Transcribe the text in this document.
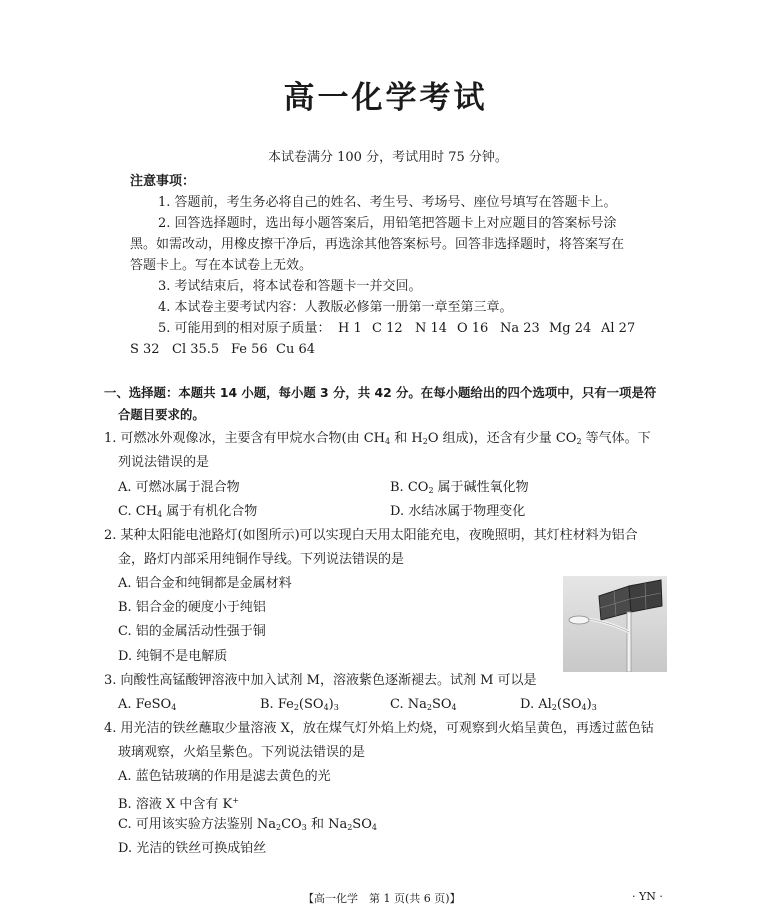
高一化学考试
本试卷满分 100 分，考试用时 75 分钟。
注意事项：
1. 答题前，考生务必将自己的姓名、考生号、考场号、座位号填写在答题卡上。
2. 回答选择题时，选出每小题答案后，用铅笔把答题卡上对应题目的答案标号涂
黑。如需改动，用橡皮擦干净后，再选涂其他答案标号。回答非选择题时，将答案写在
答题卡上。写在本试卷上无效。
3. 考试结束后，将本试卷和答题卡一并交回。
4. 本试卷主要考试内容：人教版必修第一册第一章至第三章。
5. 可能用到的相对原子质量： H 1 C 12 N 14 O 16 Na 23 Mg 24 Al 27
S 32 Cl 35.5 Fe 56 Cu 64
一、选择题：本题共 14 小题，每小题 3 分，共 42 分。在每小题给出的四个选项中，只有一项是符
合题目要求的。
1. 可燃冰外观像冰，主要含有甲烷水合物(由 $CH_4$ 和 $H_2O$ 组成)，还含有少量 $CO_2$ 等气体。下
列说法错误的是
A. 可燃冰属于混合物	B. $CO_2$ 属于碱性氧化物
C. $CH_4$ 属于有机化合物	D. 水结冰属于物理变化
2. 某种太阳能电池路灯(如图所示)可以实现白天用太阳能充电，夜晚照明，其灯柱材料为铝合
金，路灯内部采用纯铜作导线。下列说法错误的是
A. 铝合金和纯铜都是金属材料
B. 铝合金的硬度小于纯铝
C. 铝的金属活动性强于铜
D. 纯铜不是电解质
3. 向酸性高锰酸钾溶液中加入试剂 M，溶液紫色逐渐褪去。试剂 M 可以是
A. FeSO$_4$	B. $Fe_2(SO_4)_3$	C. $Na_2SO_4$	D. $Al_2(SO_4)_3$
4. 用光洁的铁丝蘸取少量溶液 X，放在煤气灯外焰上灼烧，可观察到火焰呈黄色，再透过蓝色钴
玻璃观察，火焰呈紫色。下列说法错误的是
A. 蓝色钴玻璃的作用是滤去黄色的光
B. 溶液 X 中含有 K+
C. 可用该实验方法鉴别 $Na_2CO_3$ 和 $Na_2SO_4$
D. 光洁的铁丝可换成铂丝
【高一化学　第 1 页(共 6 页)】	· YN ·
